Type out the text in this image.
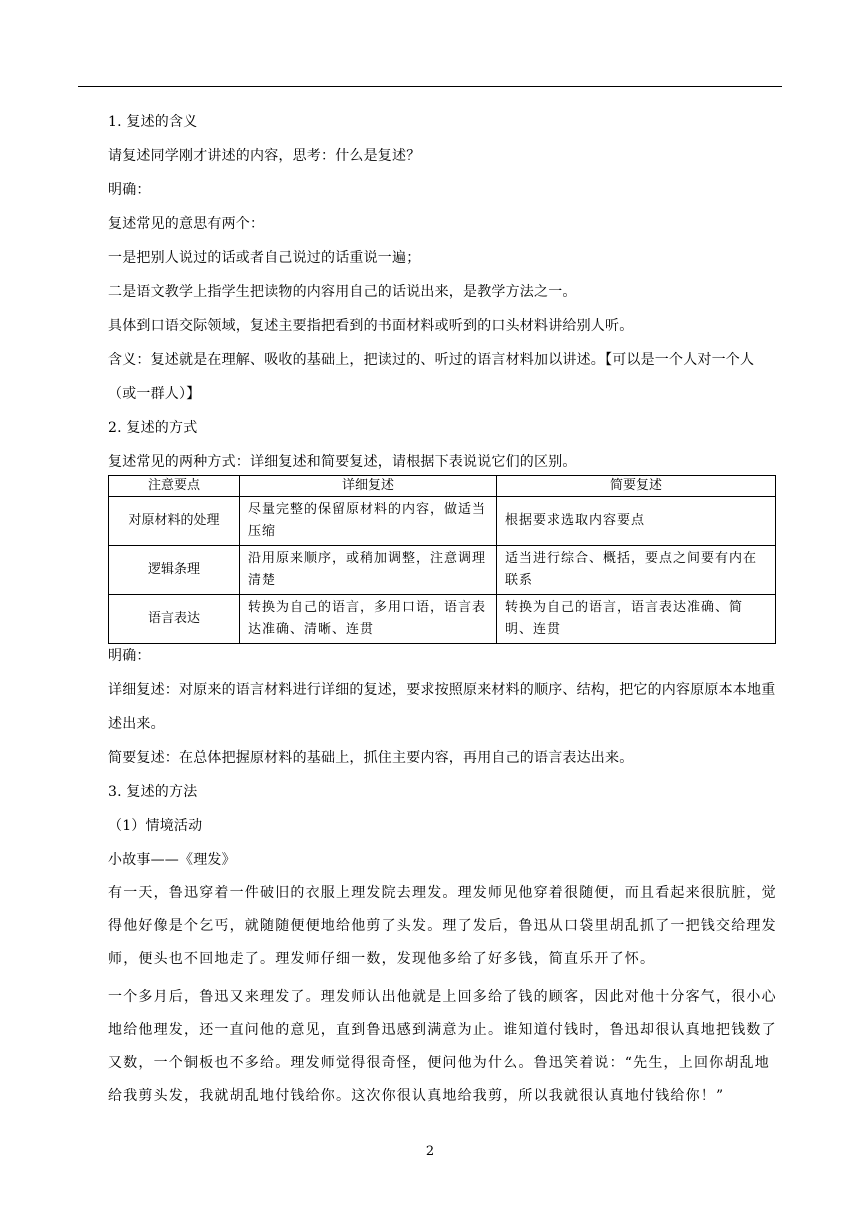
1. 复述的含义
请复述同学刚才讲述的内容，思考：什么是复述？
明确：
复述常见的意思有两个：
一是把别人说过的话或者自己说过的话重说一遍；
二是语文教学上指学生把读物的内容用自己的话说出来，是教学方法之一。
具体到口语交际领域，复述主要指把看到的书面材料或听到的口头材料讲给别人听。
含义：复述就是在理解、吸收的基础上，把读过的、听过的语言材料加以讲述。【可以是一个人对一个人（或一群人）】
2. 复述的方式
复述常见的两种方式：详细复述和简要复述，请根据下表说说它们的区别。
注意要点	详细复述	简要复述
对原材料的处理	尽量完整的保留原材料的内容，做适当压缩	根据要求选取内容要点
逻辑条理	沿用原来顺序，或稍加调整，注意调理清楚	适当进行综合、概括，要点之间要有内在联系
语言表达	转换为自己的语言，多用口语，语言表达准确、清晰、连贯	转换为自己的语言，语言表达准确、简明、连贯
明确：
详细复述：对原来的语言材料进行详细的复述，要求按照原来材料的顺序、结构，把它的内容原原本本地重述出来。
简要复述：在总体把握原材料的基础上，抓住主要内容，再用自己的语言表达出来。
3. 复述的方法
（1）情境活动
小故事——《理发》
有一天，鲁迅穿着一件破旧的衣服上理发院去理发。理发师见他穿着很随便，而且看起来很肮脏，觉得他好像是个乞丐，就随随便便地给他剪了头发。理了发后，鲁迅从口袋里胡乱抓了一把钱交给理发师，便头也不回地走了。理发师仔细一数，发现他多给了好多钱，简直乐开了怀。
一个多月后，鲁迅又来理发了。理发师认出他就是上回多给了钱的顾客，因此对他十分客气，很小心地给他理发，还一直问他的意见，直到鲁迅感到满意为止。谁知道付钱时，鲁迅却很认真地把钱数了又数，一个铜板也不多给。理发师觉得很奇怪，便问他为什么。鲁迅笑着说：“先生，上回你胡乱地给我剪头发，我就胡乱地付钱给你。这次你很认真地给我剪，所以我就很认真地付钱给你！”
2
